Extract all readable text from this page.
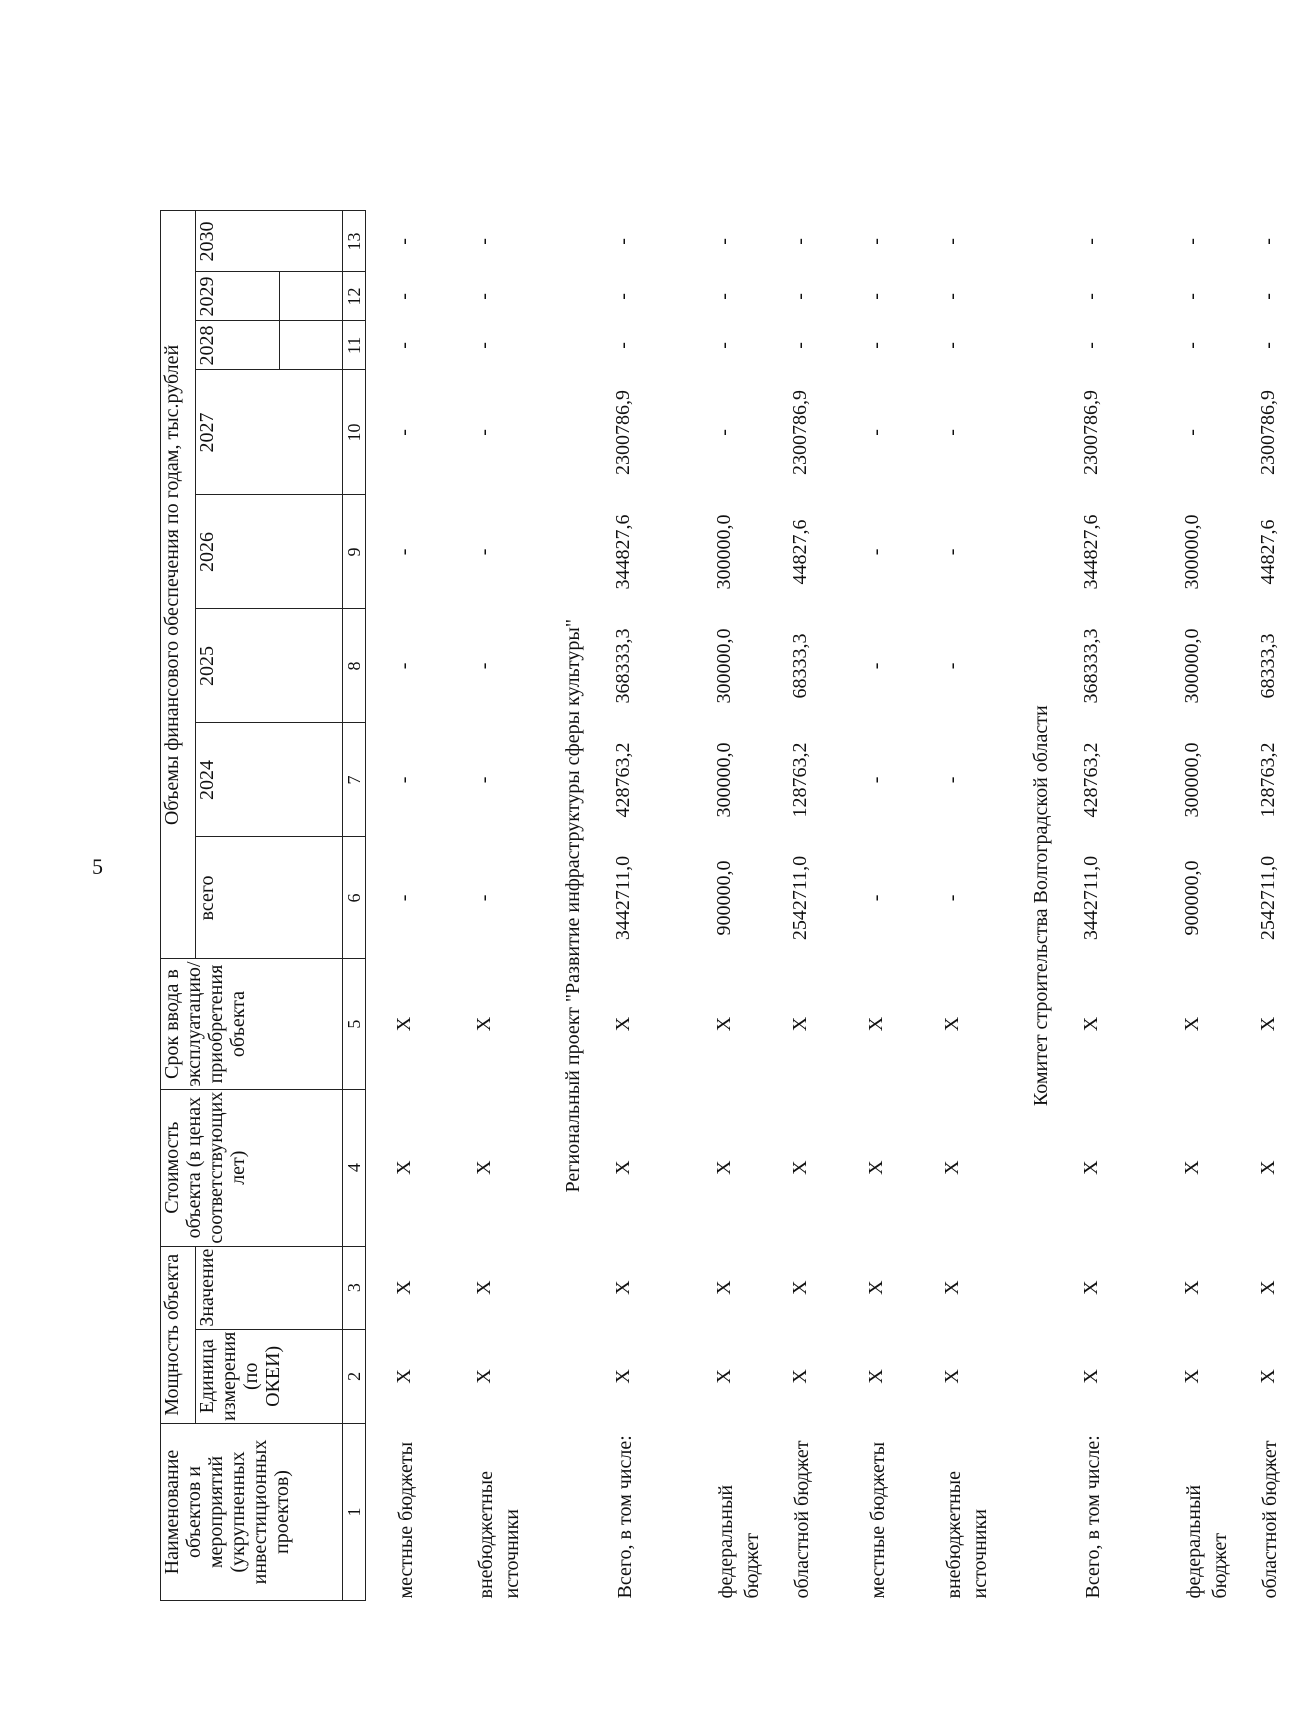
5
Наименование объектов и мероприятий (укрупненных инвестиционных проектов)	Мощность объекта		Стоимость объекта (в ценах соответствующих лет)	Срок ввода в эксплуатацию/ приобретения объекта	Объемы финансового обеспечения по годам, тыс.рублей							
	Единица измерения (по ОКЕИ)	Значение			всего	2024	2025	2026	2027	2028	2029	2030

1	2	3	4	5	6	7	8	9	10	11	12	13
местные бюджеты	X	X	X	X	-	-	-	-	-	-	-	-
внебюджетные источники	X	X	X	X	-	-	-	-	-	-	-	-
Региональный проект "Развитие инфраструктуры сферы культуры"												
Всего, в том числе:	X	X	X	X	3442711,0	428763,2	368333,3	344827,6	2300786,9	-	-	-
федеральный бюджет	X	X	X	X	900000,0	300000,0	300000,0	300000,0	-	-	-	-
областной бюджет	X	X	X	X	2542711,0	128763,2	68333,3	44827,6	2300786,9	-	-	-
местные бюджеты	X	X	X	X	-	-	-	-	-	-	-	-
внебюджетные источники	X	X	X	X	-	-	-	-	-	-	-	-
Комитет строительства Волгоградской области												
Всего, в том числе:	X	X	X	X	3442711,0	428763,2	368333,3	344827,6	2300786,9	-	-	-
федеральный бюджет	X	X	X	X	900000,0	300000,0	300000,0	300000,0	-	-	-	-
областной бюджет	X	X	X	X	2542711,0	128763,2	68333,3	44827,6	2300786,9	-	-	-
